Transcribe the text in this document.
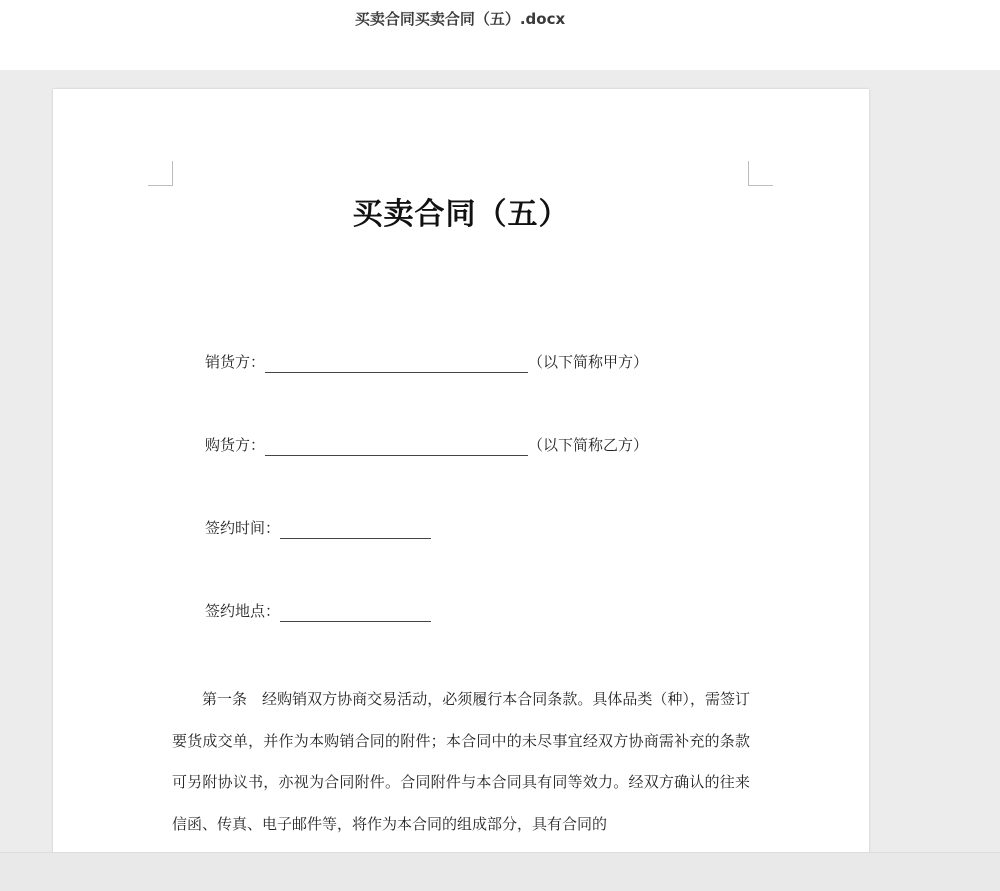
买卖合同买卖合同（五）.docx
买卖合同（五）
销货方：	（以下简称甲方）
购货方：	（以下简称乙方）
签约时间：
签约地点：

第一条　经购销双方协商交易活动，必须履行本合同条款。具体品类（种），需签订要货成交单，并作为本购销合同的附件；本合同中的未尽事宜经双方协商需补充的条款可另附协议书，亦视为合同附件。合同附件与本合同具有同等效力。经双方确认的往来信函、传真、电子邮件等，将作为本合同的组成部分，具有合同的
